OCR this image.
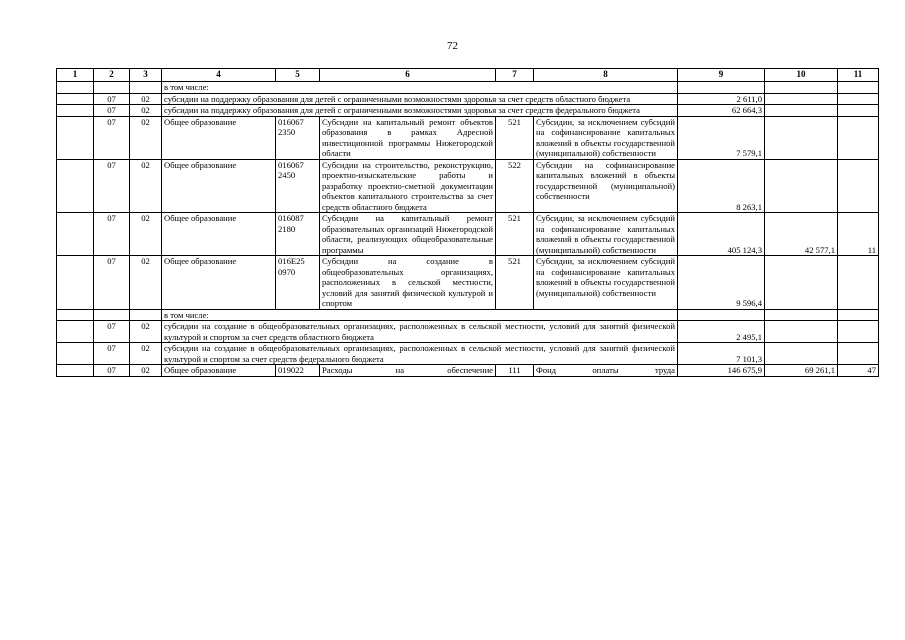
72
1	2	3	4	5	6	7	8	9	10	11
			в том числе:							
	07	02	субсидии на поддержку образования для детей с ограниченными возможностями здоровья за счет средств областного бюджета					2 611,0		
	07	02	субсидии на поддержку образования для детей с ограниченными возможностями здоровья за счет средств федерального бюджета					62 664,3		
	07	02	Общее образование	016067 2350	Субсидии на капитальный ремонт объектов образования в рамках Адресной инвестиционной программы Нижегородской области	521	Субсидии, за исключением субсидий на софинансирование капитальных вложений в объекты государственной (муниципальной) собственности	7 579,1		
	07	02	Общее образование	016067 2450	Субсидии на строительство, реконструкцию, проектно-изыскательские работы и разработку проектно-сметной документации объектов капитального строительства за счет средств областного бюджета	522	Субсидии на софинансирование капитальных вложений в объекты государственной (муниципальной) собственности	8 263,1		
	07	02	Общее образование	016087 2180	Субсидии на капитальный ремонт образовательных организаций Нижегородской области, реализующих общеобразовательные программы	521	Субсидии, за исключением субсидий на софинансирование капитальных вложений в объекты государственной (муниципальной) собственности	405 124,3	42 577,1	11
	07	02	Общее образование	016E25 0970	Субсидии на создание в общеобразовательных организациях, расположенных в сельской местности, условий для занятий физической культурой и спортом	521	Субсидии, за исключением субсидий на софинансирование капитальных вложений в объекты государственной (муниципальной) собственности	9 596,4		
			в том числе:							
	07	02	субсидии на создание в общеобразовательных организациях, расположенных в сельской местности, условий для занятий физической культурой и спортом за счет средств областного бюджета					2 495,1		
	07	02	субсидии на создание в общеобразовательных организациях, расположенных в сельской местности, условий для занятий физической культурой и спортом за счет средств федерального бюджета					7 101,3		
	07	02	Общее образование	019022	Расходы на обеспечение	111	Фонд оплаты труда	146 675,9	69 261,1	47
